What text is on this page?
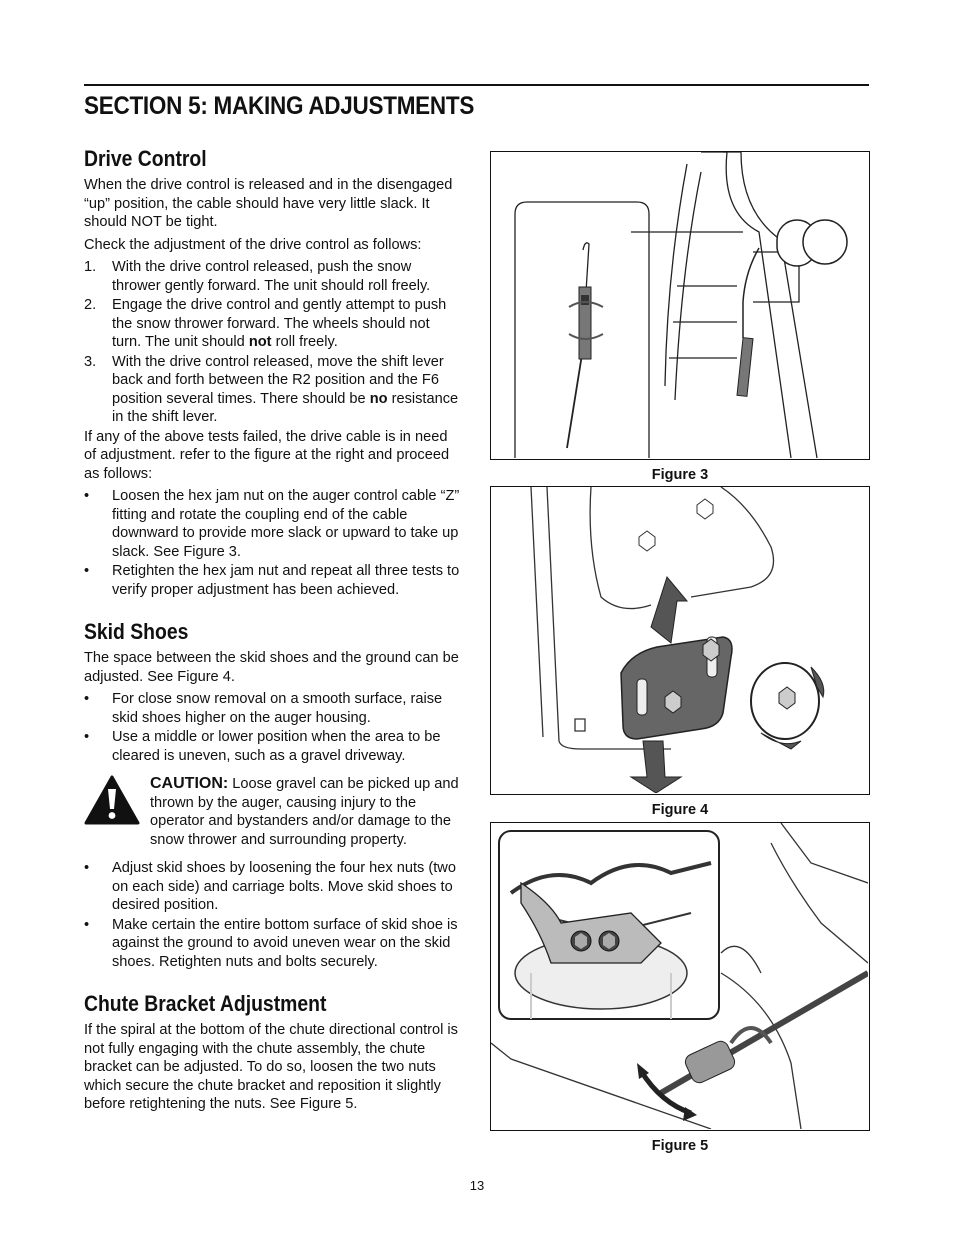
SECTION 5: MAKING ADJUSTMENTS
Drive Control

When the drive control is released and in the disengaged “up” position, the cable should have very little slack. It should NOT be tight.

Check the adjustment of the drive control as follows:

1. With the drive control released, push the snow thrower gently forward. The unit should roll freely.
2. Engage the drive control and gently attempt to push the snow thrower forward. The wheels should not turn. The unit should not roll freely.
3. With the drive control released, move the shift lever back and forth between the R2 position and the F6 position several times. There should be no resistance in the shift lever.

If any of the above tests failed, the drive cable is in need of adjustment. refer to the figure at the right and proceed as follows:

• Loosen the hex jam nut on the auger control cable “Z” fitting and rotate the coupling end of the cable downward to provide more slack or upward to take up slack. See Figure 3.
• Retighten the hex jam nut and repeat all three tests to verify proper adjustment has been achieved.
Skid Shoes

The space between the skid shoes and the ground can be adjusted. See Figure 4.

• For close snow removal on a smooth surface, raise skid shoes higher on the auger housing.
• Use a middle or lower position when the area to be cleared is uneven, such as a gravel driveway.
CAUTION: Loose gravel can be picked up and thrown by the auger, causing injury to the operator and bystanders and/or damage to the snow thrower and surrounding property.
• Adjust skid shoes by loosening the four hex nuts (two on each side) and carriage bolts. Move skid shoes to desired position.
• Make certain the entire bottom surface of skid shoe is against the ground to avoid uneven wear on the skid shoes. Retighten nuts and bolts securely.
Chute Bracket Adjustment

If the spiral at the bottom of the chute directional control is not fully engaging with the chute assembly, the chute bracket can be adjusted. To do so, loosen the two nuts which secure the chute bracket and reposition it slightly before retightening the nuts. See Figure 5.

Figure 3
Figure 4
Figure 5
13
